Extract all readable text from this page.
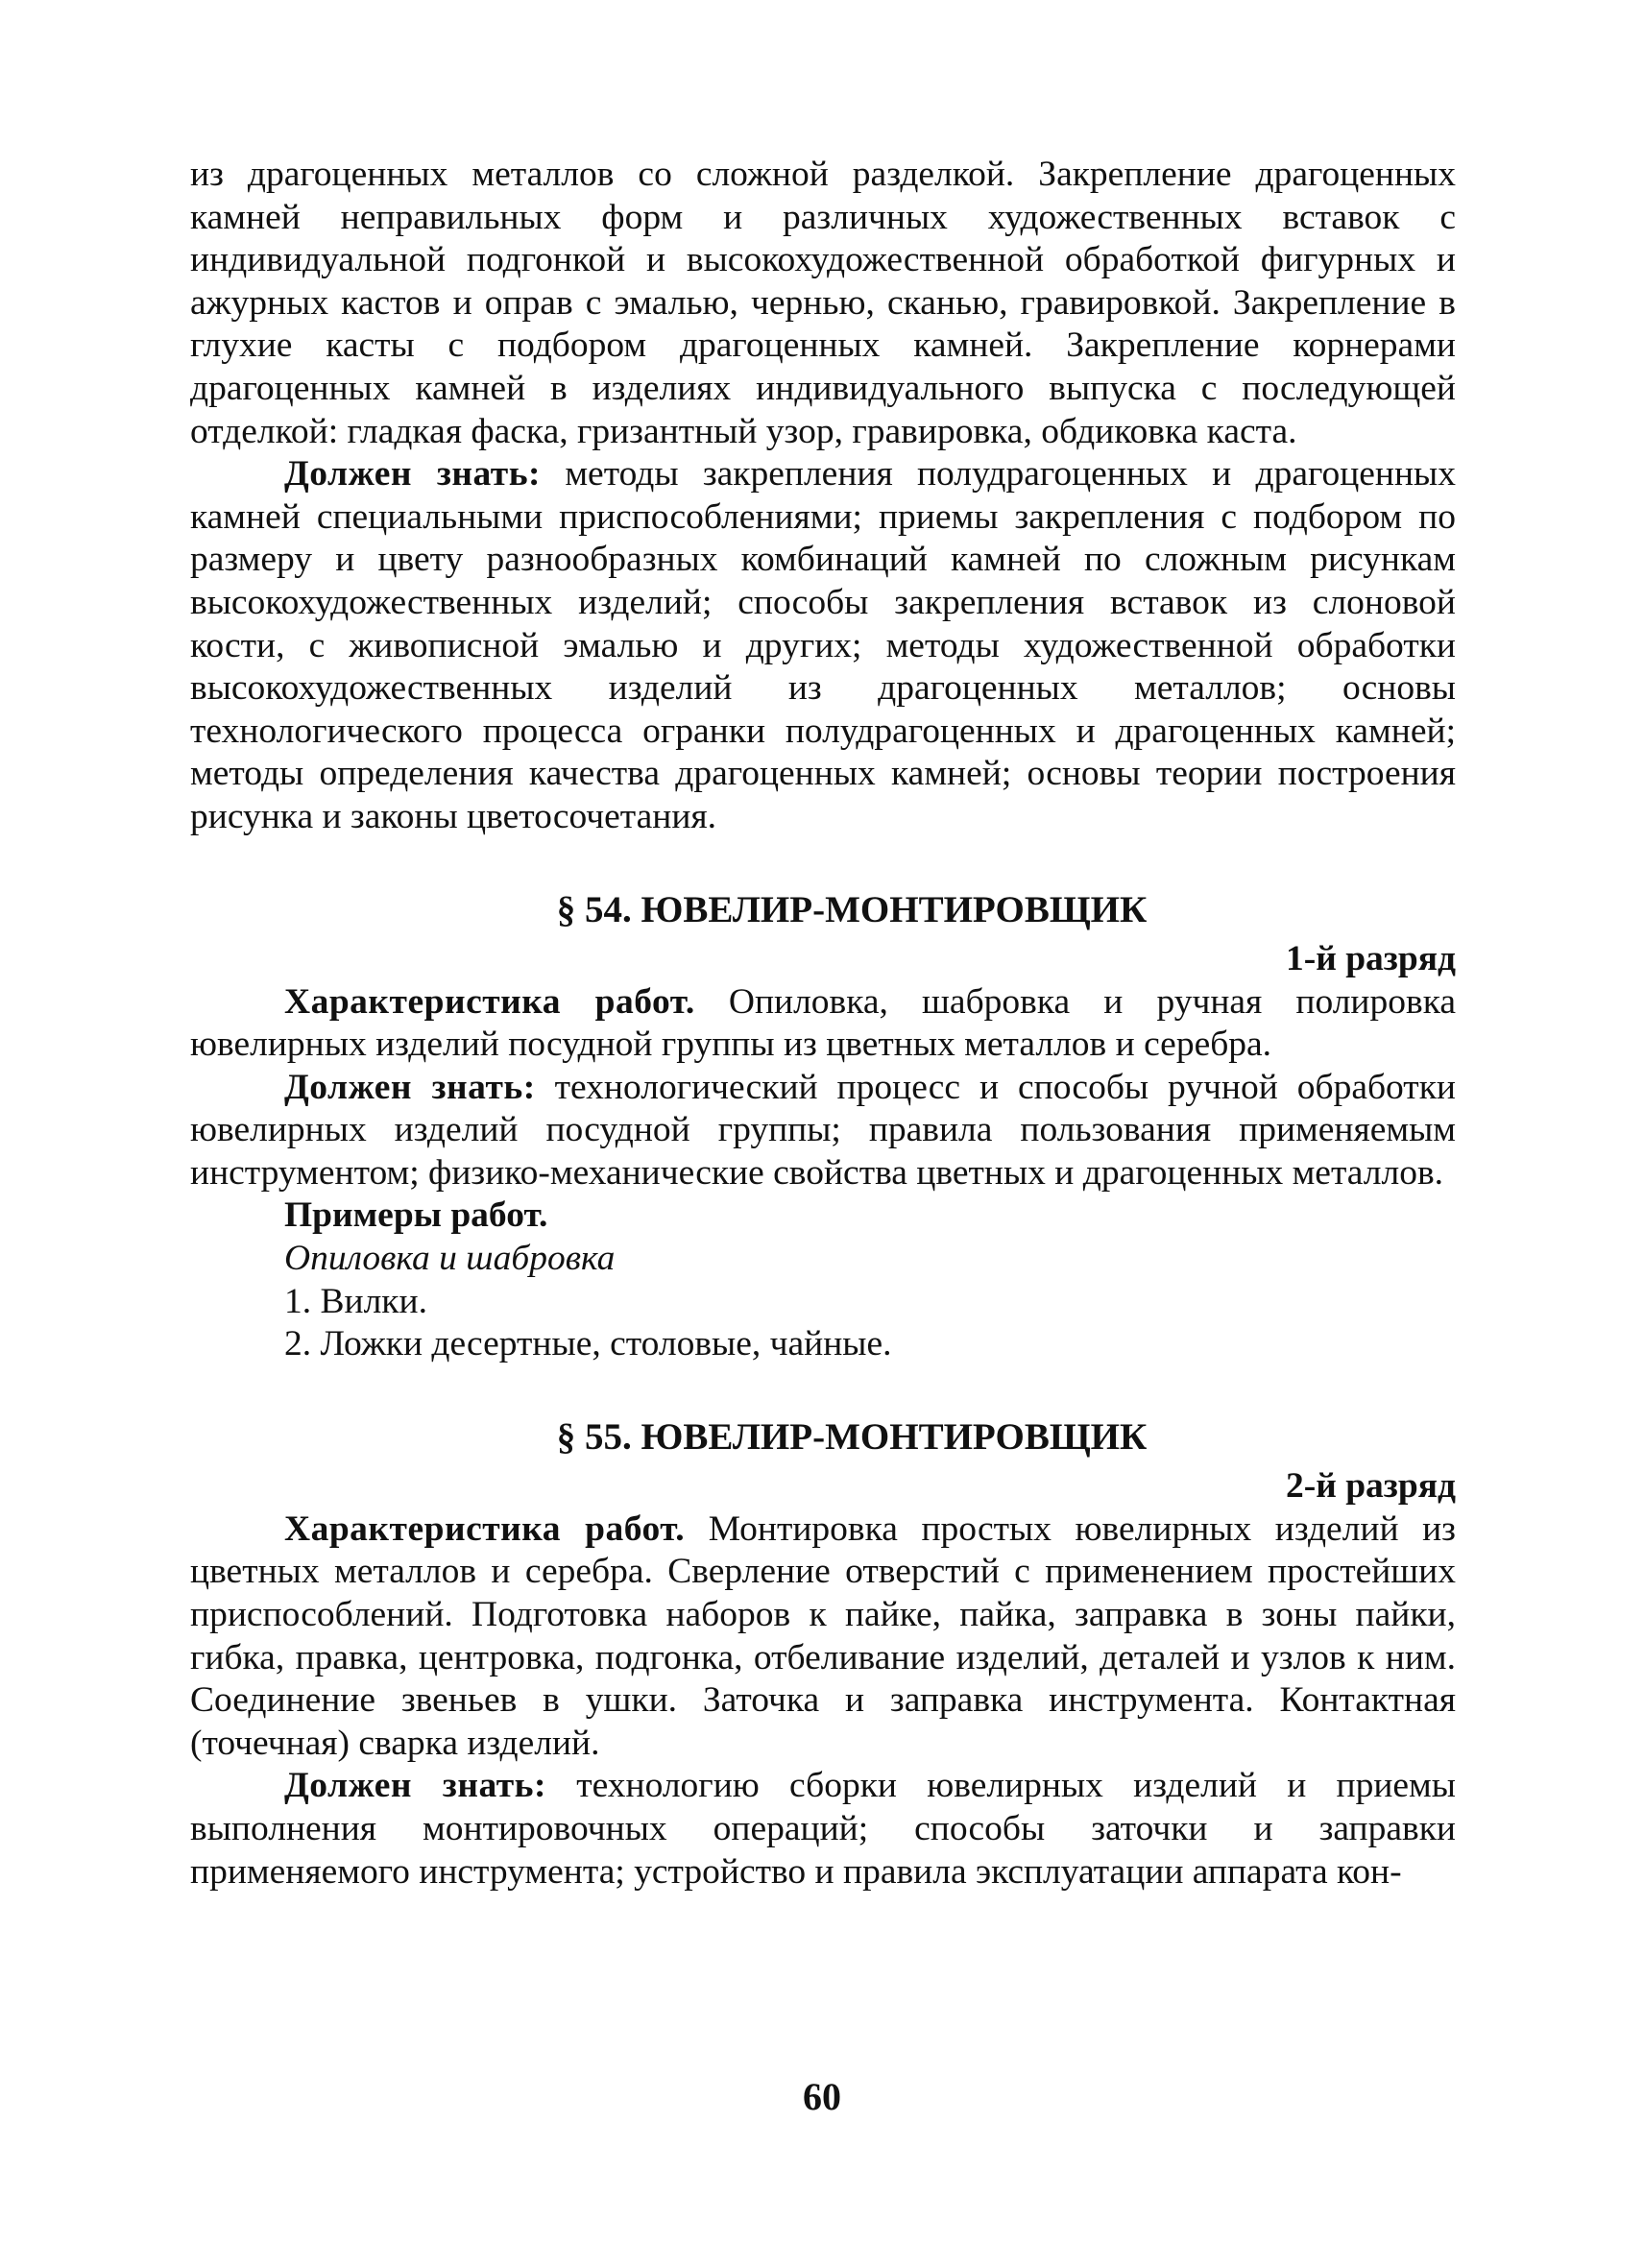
из драгоценных металлов со сложной разделкой. Закрепление драгоценных камней неправильных форм и различных художественных вставок с индивидуальной подгонкой и высокохудожественной обработкой фигурных и ажурных кастов и оправ с эмалью, чернью, сканью, гравировкой. Закрепление в глухие касты с подбором драгоценных камней. Закрепление корнерами драгоценных камней в изделиях индивидуального выпуска с последующей отделкой: гладкая фаска, гризантный узор, гравировка, обдиковка каста.

Должен знать: методы закрепления полудрагоценных и драгоценных камней специальными приспособлениями; приемы закрепления с подбором по размеру и цвету разнообразных комбинаций камней по сложным рисункам высокохудожественных изделий; способы закрепления вставок из слоновой кости, с живописной эмалью и других; методы художественной обработки высокохудожественных изделий из драгоценных металлов; основы технологического процесса огранки полудрагоценных и драгоценных камней; методы определения качества драгоценных камней; основы теории построения рисунка и законы цветосочетания.

§ 54. ЮВЕЛИР-МОНТИРОВЩИК
1-й разряд

Характеристика работ. Опиловка, шабровка и ручная полировка ювелирных изделий посудной группы из цветных металлов и серебра.

Должен знать: технологический процесс и способы ручной обработки ювелирных изделий посудной группы; правила пользования применяемым инструментом; физико-механические свойства цветных и драгоценных металлов.

Примеры работ.
Опиловка и шабровка
1. Вилки.
2. Ложки десертные, столовые, чайные.
§ 55. ЮВЕЛИР-МОНТИРОВЩИК
2-й разряд

Характеристика работ. Монтировка простых ювелирных изделий из цветных металлов и серебра. Сверление отверстий с применением простейших приспособлений. Подготовка наборов к пайке, пайка, заправка в зоны пайки, гибка, правка, центровка, подгонка, отбеливание изделий, деталей и узлов к ним. Соединение звеньев в ушки. Заточка и заправка инструмента. Контактная (точечная) сварка изделий.

Должен знать: технологию сборки ювелирных изделий и приемы выполнения монтировочных операций; способы заточки и заправки применяемого инструмента; устройство и правила эксплуатации аппарата кон-

60
